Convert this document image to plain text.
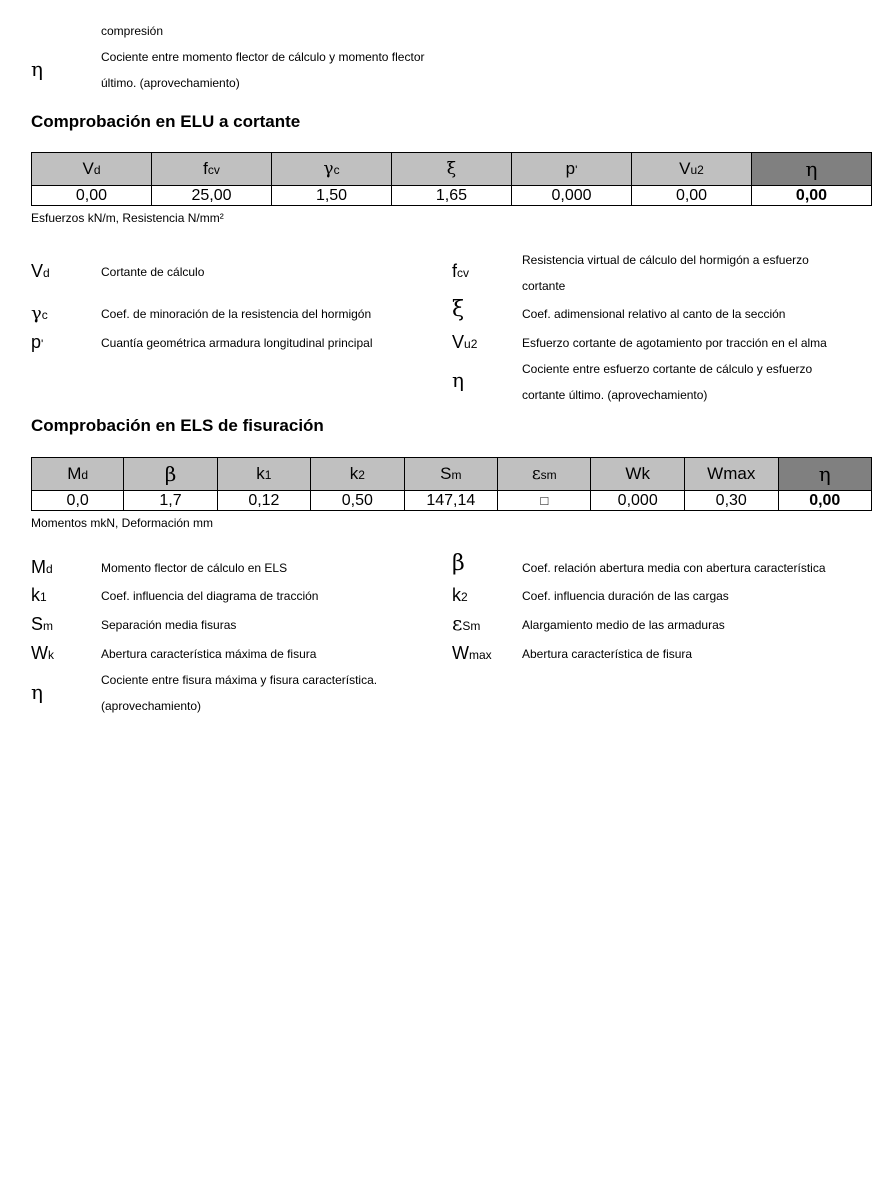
compresión
η	Cociente entre momento flector de cálculo y momento flector
último. (aprovechamiento)
Comprobación en ELU a cortante
Vd	fcv	γc	ξ	p'	Vu2	η
0,00	25,00	1,50	1,65	0,000	0,00	0,00
Esfuerzos kN/m, Resistencia N/mm²
Vd	Cortante de cálculo	fcv
Resistencia virtual de cálculo del hormigón a esfuerzo
cortante
γc	Coef. de minoración de la resistencia del hormigón	ξ	Coef. adimensional relativo al canto de la sección
p'	Cuantía geométrica armadura longitudinal principal	Vu2	Esfuerzo cortante de agotamiento por tracción en el alma
η	Cociente entre esfuerzo cortante de cálculo y esfuerzo
cortante último. (aprovechamiento)
Comprobación en ELS de fisuración
Md	β	k1	k2	Sm	εsm	Wk	Wmax	η
0,0	1,7	0,12	0,50	147,14	□	0,000	0,30	0,00
Momentos mkN, Deformación mm
Md	Momento flector de cálculo en ELS	β	Coef. relación abertura media con abertura característica
k1	Coef. influencia del diagrama de tracción	k2	Coef. influencia duración de las cargas
Sm	Separación media fisuras	εSm	Alargamiento medio de las armaduras
Wk	Abertura característica máxima de fisura	Wmax	Abertura característica de fisura
η	Cociente entre fisura máxima y fisura característica.
(aprovechamiento)
